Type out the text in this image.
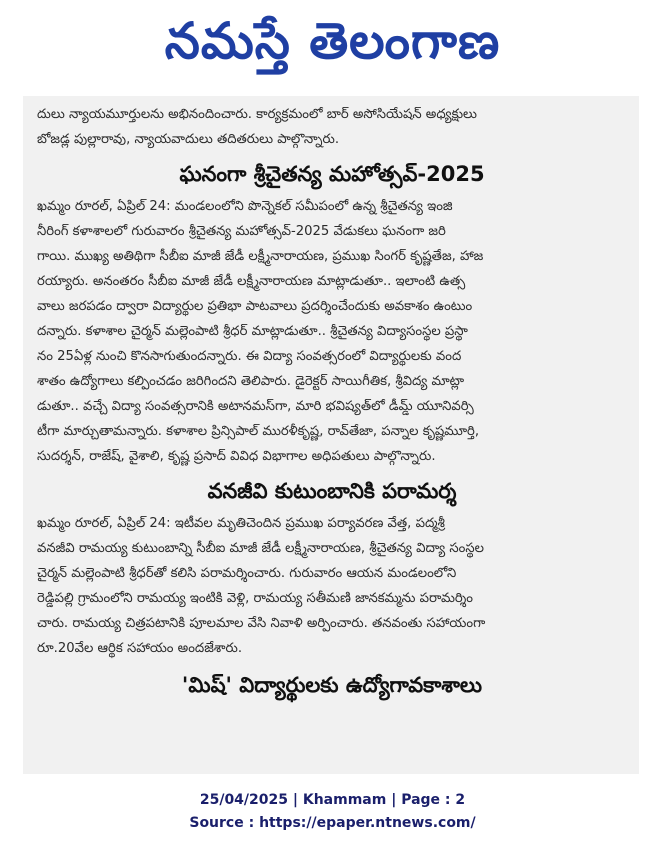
నమస్తే తెలంగాణ

దులు న్యాయమూర్తులను అభినందించారు. కార్యక్రమంలో బార్ అసోసియేషన్ అధ్యక్షులు
బోజడ్ల పుల్లారావు, న్యాయవాదులు తదితరులు పాల్గొన్నారు.

ఘనంగా శ్రీచైతన్య మహోత్సవ్-2025

ఖమ్మం రూరల్, ఏప్రిల్ 24: మండలంలోని పొన్నెకల్ సమీపంలో ఉన్న శ్రీచైతన్య ఇంజి
నీరింగ్ కళాశాలలో గురువారం శ్రీచైతన్య మహోత్సవ్-2025 వేడుకలు ఘనంగా జరి
గాయి. ముఖ్య అతిథిగా సీబీఐ మాజీ జేడీ లక్ష్మీనారాయణ, ప్రముఖ సింగర్ కృష్ణతేజ, హాజ
రయ్యారు. అనంతరం సీబీఐ మాజీ జేడీ లక్ష్మీనారాయణ మాట్లాడుతూ.. ఇలాంటి ఉత్స
వాలు జరపడం ద్వారా విద్యార్థుల ప్రతిభా పాటవాలు ప్రదర్శించేందుకు అవకాశం ఉంటుం
దన్నారు. కళాశాల చైర్మన్ మల్లెంపాటి శ్రీధర్ మాట్లాడుతూ.. శ్రీచైతన్య విద్యాసంస్థల ప్రస్థా
నం 25ఏళ్ల నుంచి కొనసాగుతుందన్నారు. ఈ విద్యా సంవత్సరంలో విద్యార్థులకు వంద
శాతం ఉద్యోగాలు కల్పించడం జరిగిందని తెలిపారు. డైరెక్టర్ సాయిగీతిక, శ్రీవిద్య మాట్లా
డుతూ.. వచ్చే విద్యా సంవత్సరానికి అటానమస్‌గా, మారి భవిష్యత్‌లో డీమ్డ్ యూనివర్సి
టీగా మార్చుతామన్నారు. కళాశాల ప్రిన్సిపాల్ మురళీకృష్ణ, రావ్‌తేజా, పన్నాల కృష్ణమూర్తి,
సుదర్శన్, రాజేష్, వైశాలి, కృష్ణ ప్రసాద్ వివిధ విభాగాల అధిపతులు పాల్గొన్నారు.

వనజీవి కుటుంబానికి పరామర్శ

ఖమ్మం రూరల్, ఏప్రిల్ 24: ఇటీవల మృతిచెందిన ప్రముఖ పర్యావరణ వేత్త, పద్మశ్రీ
వనజీవి రామయ్య కుటుంబాన్ని సీబీఐ మాజీ జేడీ లక్ష్మీనారాయణ, శ్రీచైతన్య విద్యా సంస్థల
చైర్మన్ మల్లెంపాటి శ్రీధర్‌తో కలిసి పరామర్శించారు. గురువారం ఆయన మండలంలోని
రెడ్డిపల్లి గ్రామంలోని రామయ్య ఇంటికి వెళ్లి, రామయ్య సతీమణి జానకమ్మను పరామర్శిం
చారు. రామయ్య చిత్రపటానికి పూలమాల వేసి నివాళి అర్పించారు. తనవంతు సహాయంగా
రూ.20వేల ఆర్థిక సహాయం అందజేశారు.

'మిష్' విద్యార్థులకు ఉద్యోగావకాశాలు
25/04/2025 | Khammam | Page : 2
Source : https://epaper.ntnews.com/
